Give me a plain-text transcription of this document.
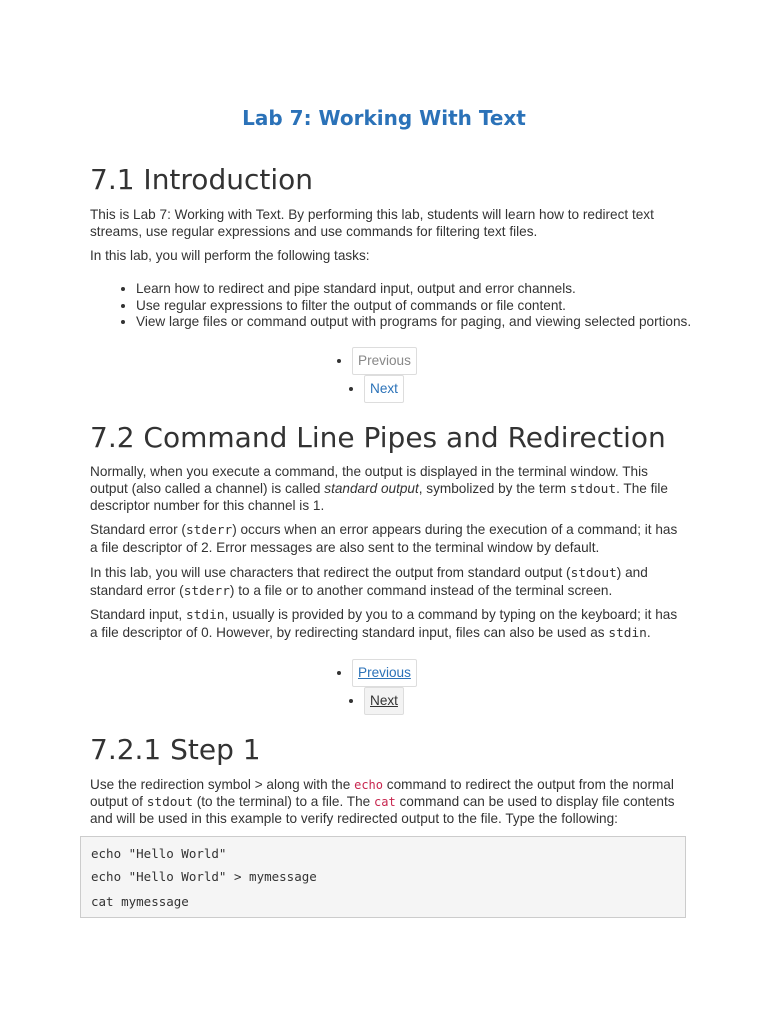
Lab 7: Working With Text
7.1 Introduction

This is Lab 7: Working with Text. By performing this lab, students will learn how to redirect text streams, use regular expressions and use commands for filtering text files.

In this lab, you will perform the following tasks:

• Learn how to redirect and pipe standard input, output and error channels.
• Use regular expressions to filter the output of commands or file content.
• View large files or command output with programs for paging, and viewing selected portions.
• Previous
• Next
7.2 Command Line Pipes and Redirection

Normally, when you execute a command, the output is displayed in the terminal window. This output (also called a channel) is called standard output, symbolized by the term stdout. The file descriptor number for this channel is 1.

Standard error (stderr) occurs when an error appears during the execution of a command; it has a file descriptor of 2. Error messages are also sent to the terminal window by default.

In this lab, you will use characters that redirect the output from standard output (stdout) and standard error (stderr) to a file or to another command instead of the terminal screen.

Standard input, stdin, usually is provided by you to a command by typing on the keyboard; it has a file descriptor of 0. However, by redirecting standard input, files can also be used as stdin.

• Previous
• Next
7.2.1 Step 1

Use the redirection symbol > along with the echo command to redirect the output from the normal output of stdout (to the terminal) to a file. The cat command can be used to display file contents and will be used in this example to verify redirected output to the file. Type the following:

echo "Hello World"
echo "Hello World" > mymessage
cat mymessage
